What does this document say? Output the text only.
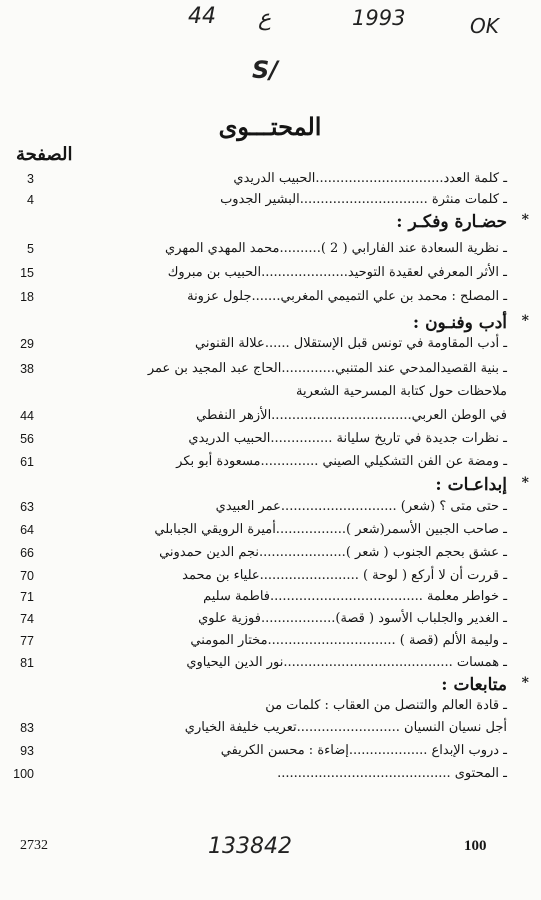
44 ع	1993	OK
S/
المحتـــوى
الصفحة
حضـارة وفكـر : *
أدب وفنـون : *
إبداعـات : *
متابعات : *
3	ـ كلمة العدد...............................الحبيب الدريدي
4	ـ كلمات منثرة ...............................البشير الجدوب
5	ـ نظرية السعادة عند الفارابي ( 2 )..........محمد المهدي المهري
15	ـ الأثر المعرفي لعقيدة التوحيد.....................الحبيب بن مبروك
18	ـ المصلح : محمد بن علي التميمي المغربي.......جلول عزونة
29	ـ أدب المقاومة في تونس قبل الإستقلال ......علالة القنوني
38	ـ بنية القصيدالمدحي عند المتنبي.............الحاج عبد المجيد بن عمر
ملاحظات حول كتابة المسرحية الشعرية
44	في الوطن العربي..................................الأزهر النفطي
56	ـ نظرات جديدة في تاريخ سليانة ...............الحبيب الدريدي
61	ـ ومضة عن الفن التشكيلي الصيني ..............مسعودة أبو بكر
63	ـ حتى متى ؟ (شعر) ............................عمر العبيدي
64	ـ صاحب الجبين الأسمر(شعر ).................أميرة الرويقي الجبابلي
66	ـ عشق بحجم الجنوب ( شعر ).....................نجم الدين حمدوني
70	ـ قررت أن لا أركع ( لوحة ) ........................علياء بن محمد
71	ـ خواطر معلمة .....................................فاطمة سليم
74	ـ الغدير والجلباب الأسود ( قصة)..................فوزية علوي
77	ـ وليمة الألم (قصة ) ...............................مختار المومني
81	ـ همسات .........................................نور الدين اليحياوي
ـ قادة العالم والتنصل من العقاب : كلمات من
83	أجل نسيان النسيان .........................تعريب خليفة الخياري
93	ـ دروب الإبداع ...................إضاءة : محسن الكريفي
100	ـ المحتوى ..........................................
2732	133842	100
